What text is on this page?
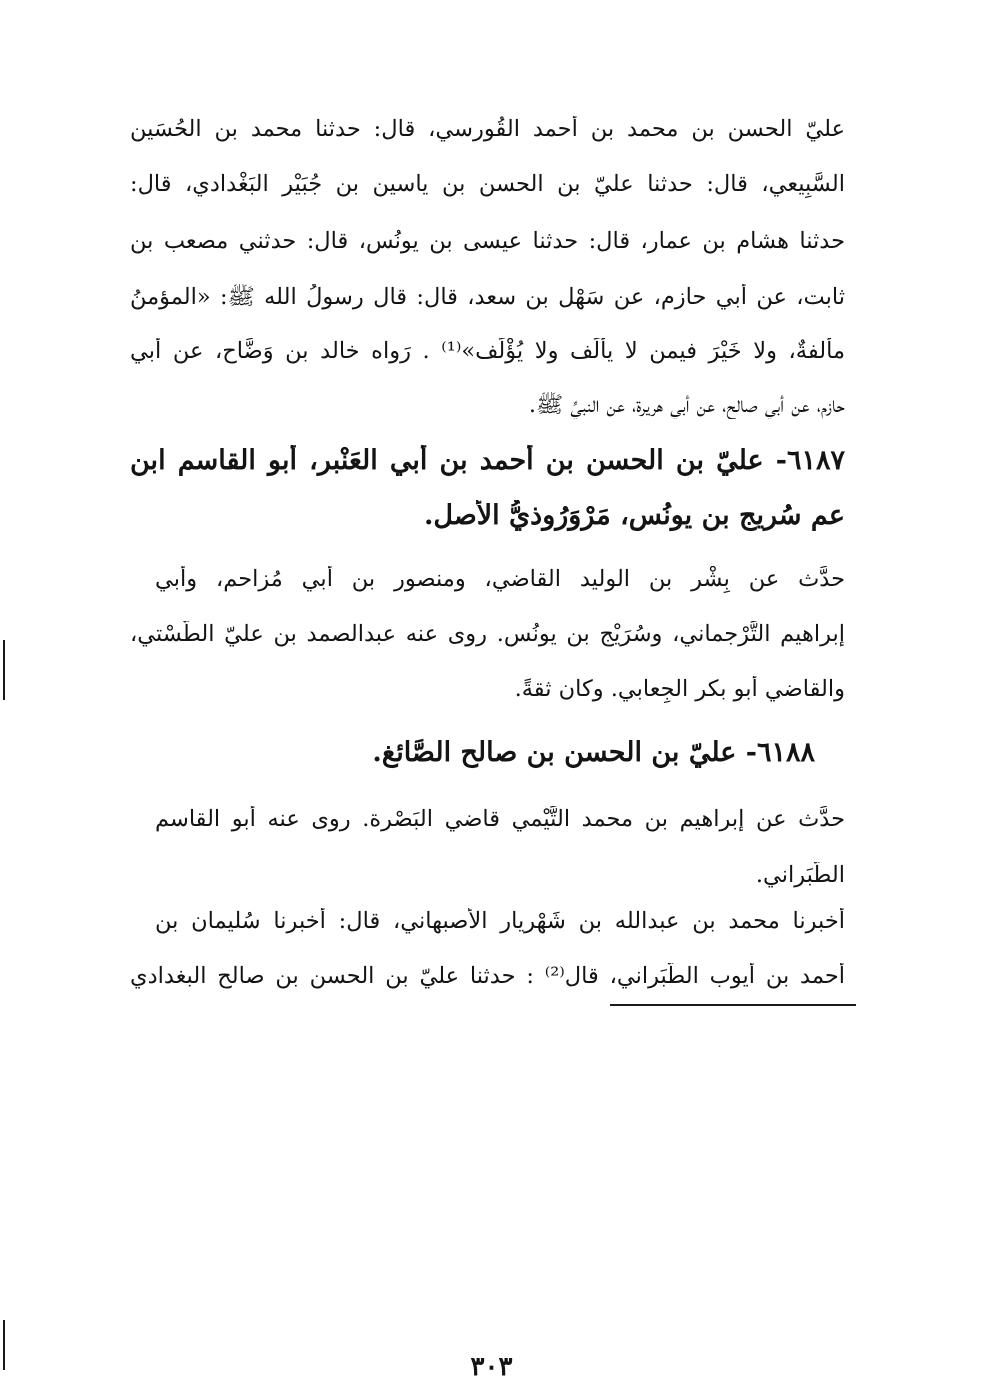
عليّ الحسن بن محمد بن أحمد القُورسي، قال: حدثنا محمد بن الحُسَين
السَّبِيعي، قال: حدثنا عليّ بن الحسن بن ياسين بن جُبَيْر البَغْدادي، قال:
حدثنا هشام بن عمار، قال: حدثنا عيسى بن يونُس، قال: حدثني مصعب بن
ثابت، عن أبي حازم، عن سَهْل بن سعد، قال: قال رسولُ الله ﷺ: «المؤمنُ
مألفةٌ، ولا خَيْرَ فيمن لا يألَف ولا يُؤْلَف»⁽¹⁾ . رَواه خالد بن وَضَّاح، عن أبي
حازم، عن أبي صالح، عن أبي هريرة، عن النبيِّ ﷺ.
٦١٨٧- عليّ بن الحسن بن أحمد بن أبي العَنْبر، أبو القاسم ابن
عم سُريج بن يونُس، مَرْوَرُوذيُّ الأصل.
حدَّث عن بِشْر بن الوليد القاضي، ومنصور بن أبي مُزاحم، وأبي
إبراهيم التَّرْجماني، وسُرَيْج بن يونُس. روى عنه عبدالصمد بن عليّ الطَّسْتي،
والقاضي أبو بكر الجِعابي. وكان ثقةً.
٦١٨٨- عليّ بن الحسن بن صالح الصَّائغ.
حدَّث عن إبراهيم بن محمد التَّيْمي قاضي البَصْرة. روى عنه أبو القاسم
الطَّبَراني.
أخبرنا محمد بن عبدالله بن شَهْريار الأصبهاني، قال: أخبرنا سُليمان بن
أحمد بن أيوب الطَّبَراني، قال⁽²⁾ : حدثنا عليّ بن الحسن بن صالح البغدادي
٣٠٣
